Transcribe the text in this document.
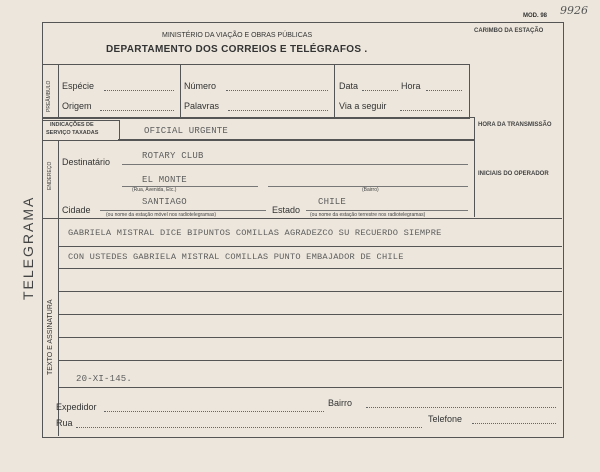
MOD. 98 9926
MINISTÉRIO DA VIAÇÃO E OBRAS PÚBLICAS
DEPARTAMENTO DOS CORREIOS E TELÉGRAFOS .
CARIMBO DA ESTAÇÃO
TELEGRAMA
PREÂMBULO
ENDEREÇO
TEXTO E ASSINATURA
Espécie	Número	Data	Hora
Origem	Palavras	Via a seguir
HORA DA TRANSMISSÃO
INICIAIS DO OPERADOR
INDICAÇÕES DE
SERVIÇO TAXADAS	OFICIAL URGENTE
Destinatário
ROTARY CLUB
EL MONTE
(Rua, Avenida, Etc.)	(Bairro)
Cidade
SANTIAGO
(ou nome da estação móvel nos radiotelegramas)	Estado
CHILE
(ou nome da estação terrestre nos radiotelegramas)
GABRIELA MISTRAL DICE BIPUNTOS COMILLAS AGRADEZCO SU RECUERDO SIEMPRE
CON USTEDES GABRIELA MISTRAL COMILLAS PUNTO EMBAJADOR DE CHILE
20-XI-145.
Expedidor	Bairro
Rua	Telefone
